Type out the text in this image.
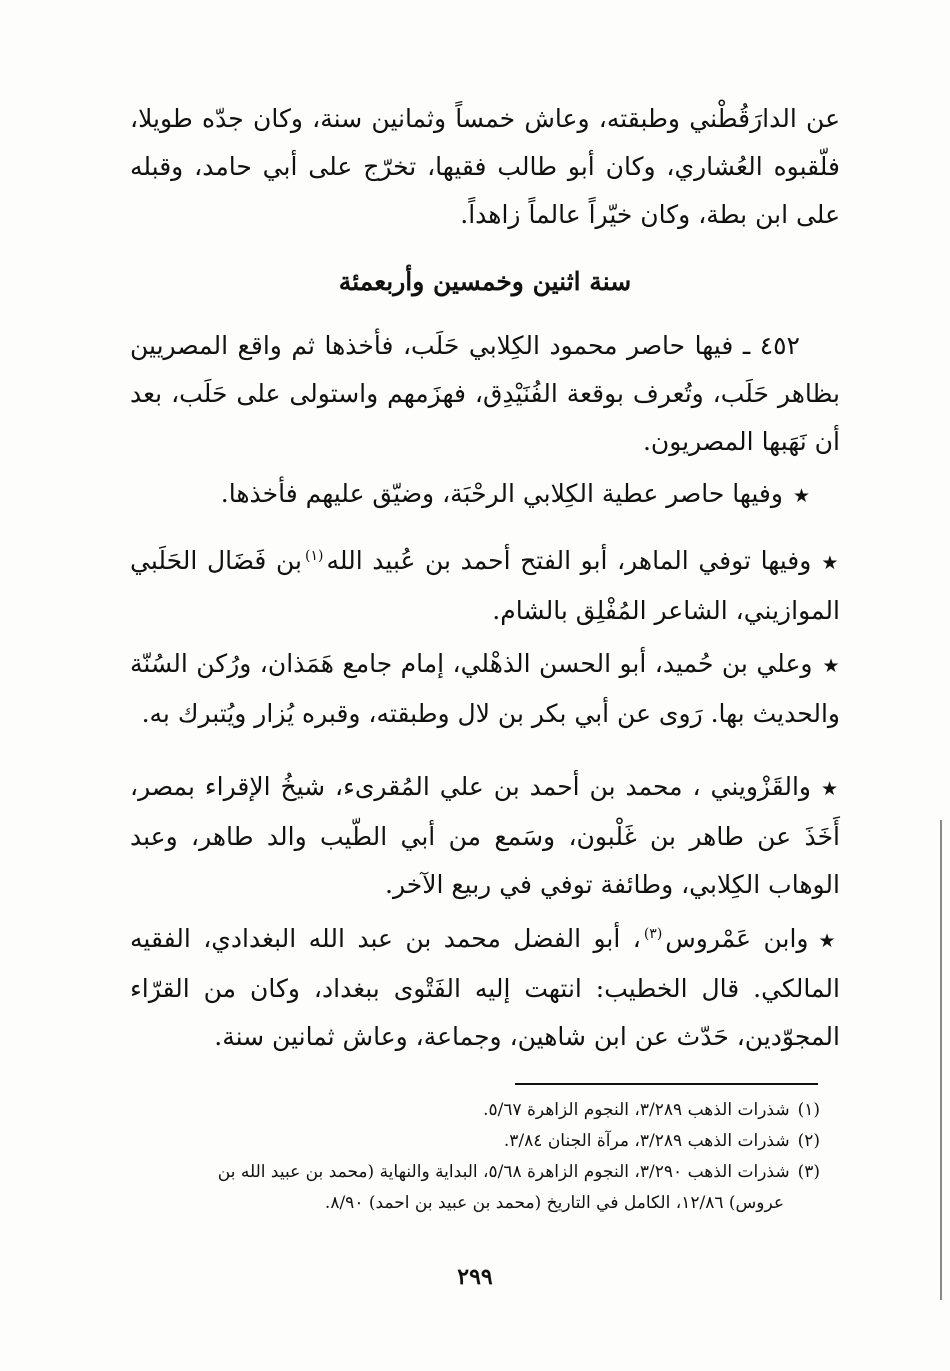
عن الدارَقُطْني وطبقته، وعاش خمساً وثمانين سنة، وكان جدّه طويلا، فلّقبوه العُشاري، وكان أبو طالب فقيها، تخرّج على أبي حامد، وقبله على ابن بطة، وكان خيّراً عالماً زاهداً.

سنة اثنين وخمسين وأربعمئة

٤٥٢ ـ فيها حاصر محمود الكِلابي حَلَب، فأخذها ثم واقع المصريين بظاهر حَلَب، وتُعرف بوقعة الفُنَيْدِق، فهزَمهم واستولى على حَلَب، بعد أن نَهَبها المصريون.

★وفيها حاصر عطية الكِلابي الرحْبَة، وضيّق عليهم فأخذها.

★وفيها توفي الماهر، أبو الفتح أحمد بن عُبيد الله$^{(١)}$بن فَضَال الحَلَبي الموازيني، الشاعر المُفْلِق بالشام.

★وعلي بن حُميد، أبو الحسن الذهْلي، إمام جامع هَمَذان، ورُكن السُنّة والحديث بها. رَوى عن أبي بكر بن لال وطبقته، وقبره يُزار ويُتبرك به.

★والقَزْويني ، محمد بن أحمد بن علي المُقرىء، شيخُ الإقراء بمصر، أَخَذَ عن طاهر بن غَلْبون، وسَمع من أبي الطّيب والد طاهر، وعبد الوهاب الكِلابي، وطائفة توفي في ربيع الآخر.

★وابن عَمْروس$^{(٣)}$، أبو الفضل محمد بن عبد الله البغدادي، الفقيه المالكي. قال الخطيب: انتهت إليه الفَتْوى ببغداد، وكان من القرّاء المجوّدين، حَدّث عن ابن شاهين، وجماعة، وعاش ثمانين سنة.

(١)شذرات الذهب ٣/٢٨٩، النجوم الزاهرة ٥/٦٧.

(٢)شذرات الذهب ٣/٢٨٩، مرآة الجنان ٣/٨٤.

(٣)شذرات الذهب ٣/٢٩٠، النجوم الزاهرة ٥/٦٨، البداية والنهاية (محمد بن عبيد الله بن

عروس) ١٢/٨٦، الكامل في التاريخ (محمد بن عبيد بن احمد) ٨/٩٠.

٢٩٩
